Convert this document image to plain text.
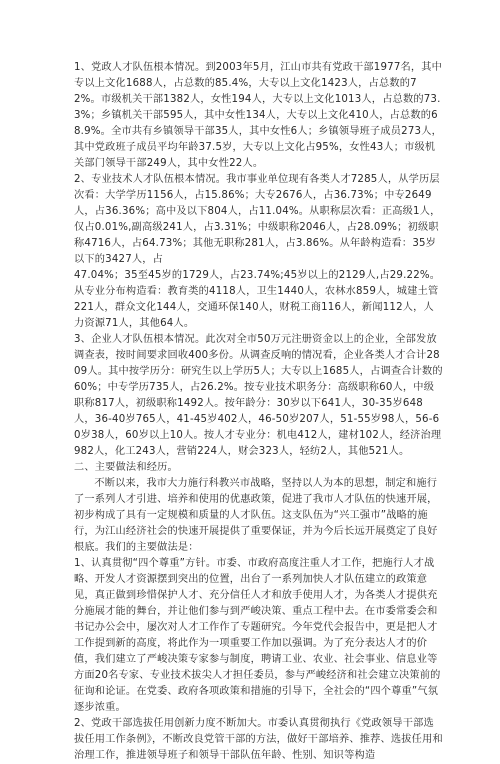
1、党政人才队伍根本情况。到2003年5月，江山市共有党政干部1977名，其中专以上文化1688人，占总数的85.4%，大专以上文化1423人，占总数的72%。市级机关干部1382人，女性194人，大专以上文化1013人，占总数的73.3%；乡镇机关干部595人，其中女性134人，大专以上文化410人，占总数的68.9%。全市共有乡镇领导干部35人，其中女性6人；乡镇领导班子成员273人，其中党政班子成员平均年龄37.5岁，大专以上文化占95%，女性43人；市级机关部门领导干部249人，其中女性22人。

2、专业技术人才队伍根本情况。我市事业单位现有各类人才7285人，从学历层次看：大学学历1156人，占15.86%；大专2676人，占36.73%；中专2649人，占36.36%；高中及以下804人，占11.04%。从职称层次看：正高级1人，仅占0.01%,副高级241人，占3.31%；中级职称2046人，占28.09%；初级职称4716人，占64.73%；其他无职称281人，占3.86%。从年龄构造看：35岁以下的3427人，占

47.04%；35至45岁的1729人，占23.74%;45岁以上的2129人,占29.22%。从专业分布构造看：教育类的4118人，卫生1440人，农林水859人，城建土管221人，群众文化144人，交通环保140人，财税工商116人，新闻112人，人力资源71人，其他64人。

3、企业人才队伍根本情况。此次对全市50万元注册资金以上的企业，全部发放调查表，按时间要求回收400多份。从调查反响的情况看，企业各类人才合计2809人。其中按学历分：研究生以上学历5人；大专以上1685人，占调查合计数的60%；中专学历735人，占26.2%。按专业技术职务分：高级职称60人，中级职称817人，初级职称1492人。按年龄分：30岁以下641人，30-35岁648人，36-40岁765人，41-45岁402人，46-50岁207人，51-55岁98人，56-60岁38人，60岁以上10人。按人才专业分：机电412人，建材102人，经济治理982人，化工243人，营销224人，财会323人，轻纺2人，其他521人。

二、主要做法和经历。

不断以来，我市大力施行科教兴市战略，坚持以人为本的思想，制定和施行了一系列人才引进、培养和使用的优惠政策，促进了我市人才队伍的快速开展，初步构成了具有一定规模和质量的人才队伍。这支队伍为“兴工强市”战略的施行，为江山经济社会的快速开展提供了重要保证，并为今后长远开展奠定了良好根底。我们的主要做法是：

1、认真贯彻“四个尊重”方针。市委、市政府高度注重人才工作，把施行人才战略、开发人才资源摆到突出的位置，出台了一系列加快人才队伍建立的政策意见，真正做到珍惜保护人才、充分信任人才和放手使用人才，为各类人才提供充分施展才能的舞台，并让他们参与到严峻决策、重点工程中去。在市委常委会和书记办公会中，屡次对人才工作作了专题研究。今年党代会报告中，更是把人才工作提到新的高度，将此作为一项重要工作加以强调。为了充分表达人才的价值，我们建立了严峻决策专家参与制度，聘请工业、农业、社会事业、信息业等方面20名专家、专业技术拔尖人才担任委员，参与严峻经济和社会建立决策前的征询和论证。在党委、政府各项政策和措施的引导下，全社会的“四个尊重”气氛逐步浓重。

2、党政干部选拔任用创新力度不断加大。市委认真贯彻执行《党政领导干部选拔任用工作条例》，不断改良党管干部的方法，做好干部培养、推荐、选拔任用和治理工作，推进领导班子和领导干部队伍年龄、性别、知识等构造
